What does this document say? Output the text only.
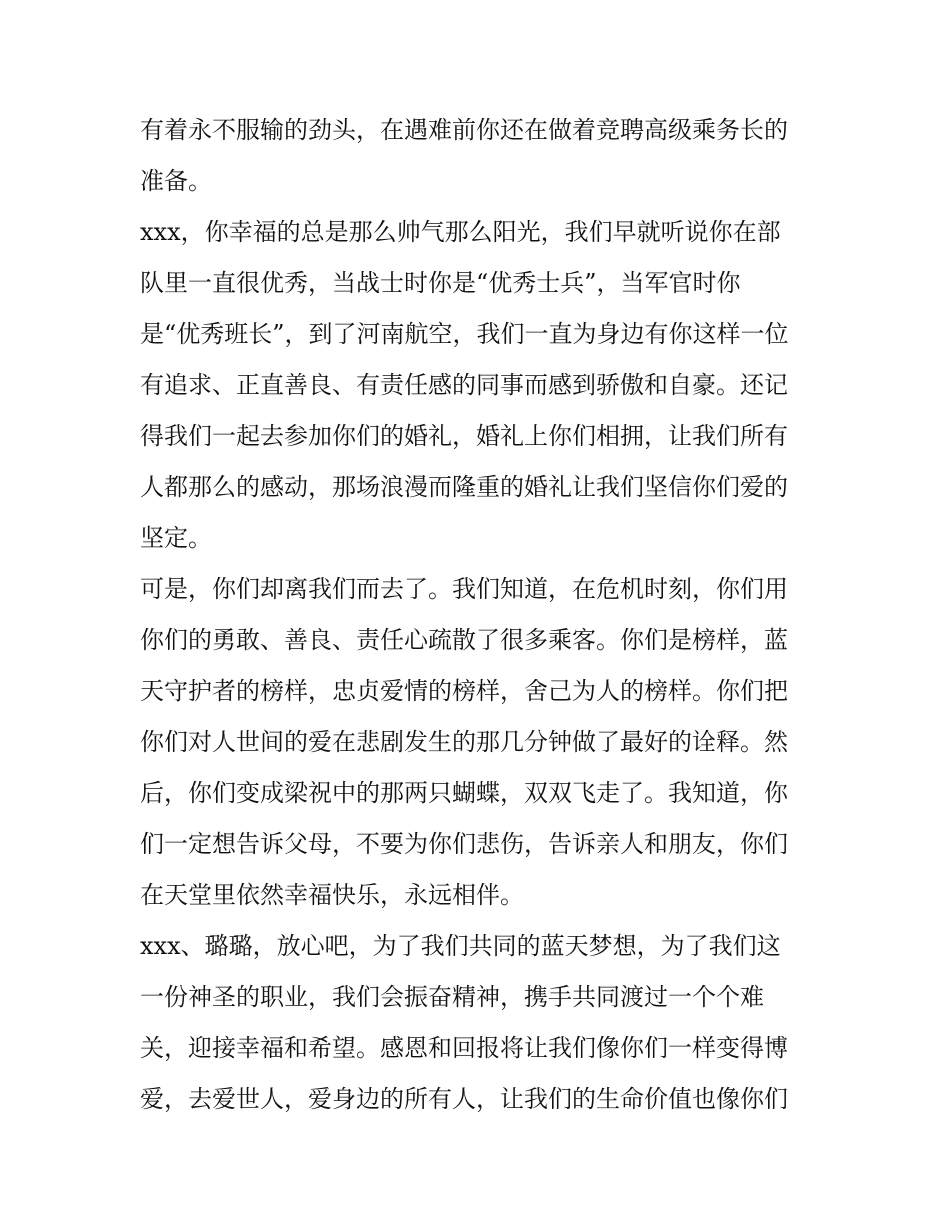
有着永不服输的劲头，在遇难前你还在做着竞聘高级乘务长的
准备。
xxx，你幸福的总是那么帅气那么阳光，我们早就听说你在部
队里一直很优秀，当战士时你是“优秀士兵”，当军官时你
是“优秀班长”，到了河南航空，我们一直为身边有你这样一位
有追求、正直善良、有责任感的同事而感到骄傲和自豪。还记
得我们一起去参加你们的婚礼，婚礼上你们相拥，让我们所有
人都那么的感动，那场浪漫而隆重的婚礼让我们坚信你们爱的
坚定。
可是，你们却离我们而去了。我们知道，在危机时刻，你们用
你们的勇敢、善良、责任心疏散了很多乘客。你们是榜样，蓝
天守护者的榜样，忠贞爱情的榜样，舍己为人的榜样。你们把
你们对人世间的爱在悲剧发生的那几分钟做了最好的诠释。然
后，你们变成梁祝中的那两只蝴蝶，双双飞走了。我知道，你
们一定想告诉父母，不要为你们悲伤，告诉亲人和朋友，你们
在天堂里依然幸福快乐，永远相伴。
xxx、璐璐，放心吧，为了我们共同的蓝天梦想，为了我们这
一份神圣的职业，我们会振奋精神，携手共同渡过一个个难
关，迎接幸福和希望。感恩和回报将让我们像你们一样变得博
爱，去爱世人，爱身边的所有人，让我们的生命价值也像你们
